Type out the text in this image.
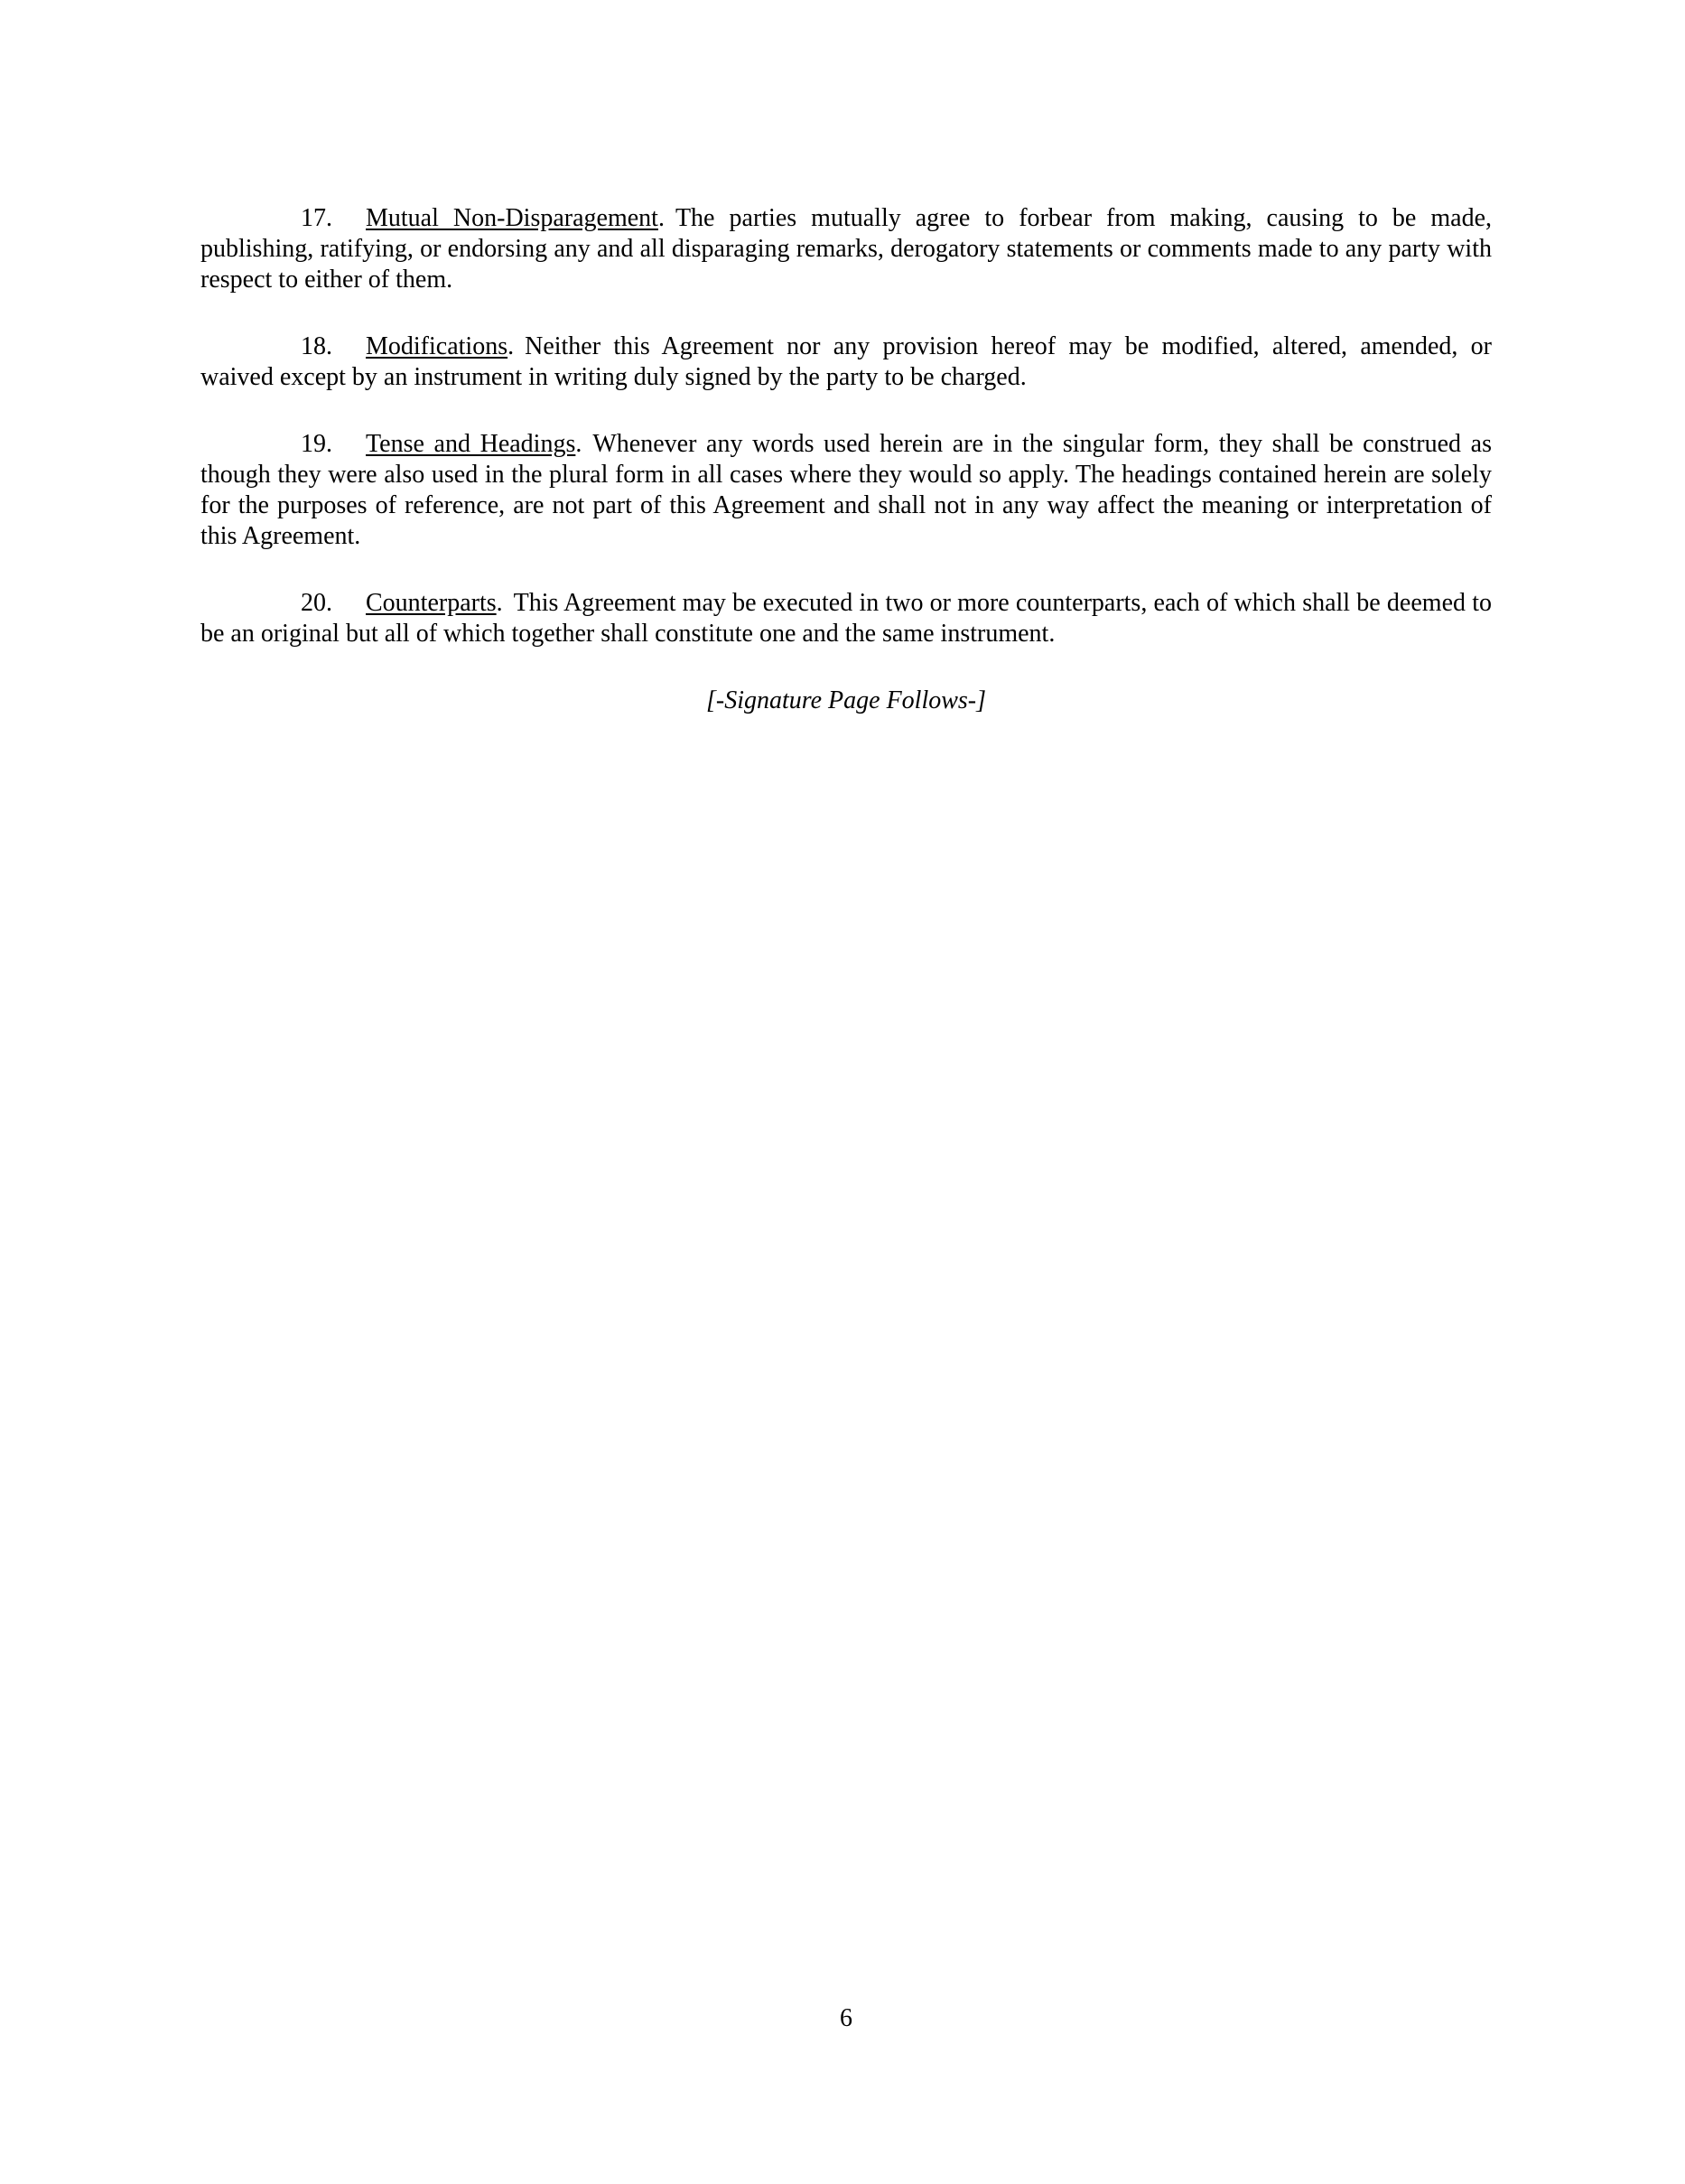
17. Mutual Non-Disparagement. The parties mutually agree to forbear from making, causing to be made, publishing, ratifying, or endorsing any and all disparaging remarks, derogatory statements or comments made to any party with respect to either of them.

18. Modifications. Neither this Agreement nor any provision hereof may be modified, altered, amended, or waived except by an instrument in writing duly signed by the party to be charged.

19. Tense and Headings. Whenever any words used herein are in the singular form, they shall be construed as though they were also used in the plural form in all cases where they would so apply. The headings contained herein are solely for the purposes of reference, are not part of this Agreement and shall not in any way affect the meaning or interpretation of this Agreement.

20. Counterparts. This Agreement may be executed in two or more counterparts, each of which shall be deemed to be an original but all of which together shall constitute one and the same instrument.

[-Signature Page Follows-]

6
